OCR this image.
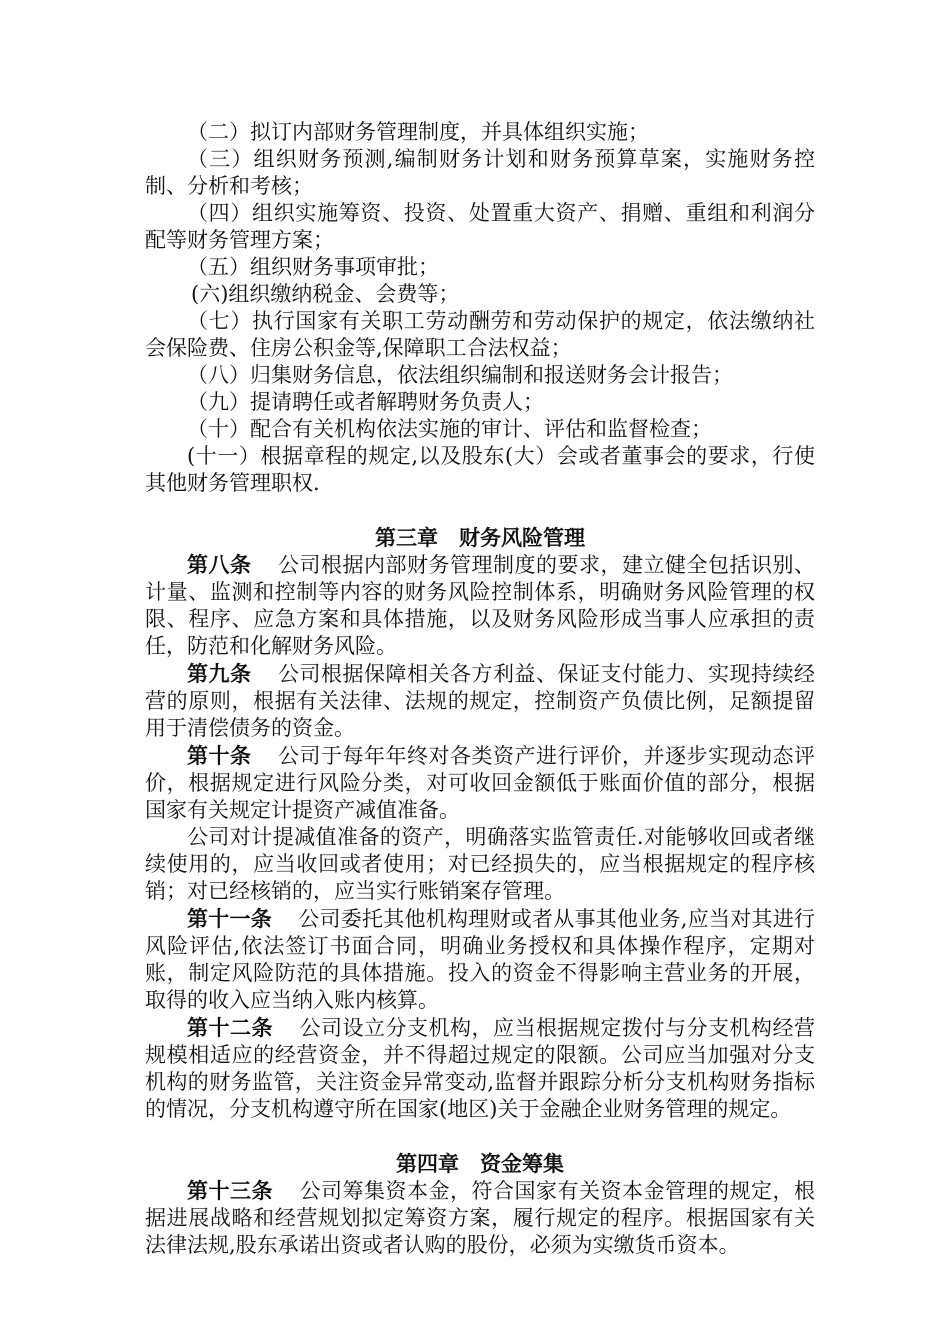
（二）拟订内部财务管理制度，并具体组织实施；

（三）组织财务预测,编制财务计划和财务预算草案，实施财务控制、分析和考核；

（四）组织实施筹资、投资、处置重大资产、捐赠、重组和利润分配等财务管理方案；

（五）组织财务事项审批；

(六)组织缴纳税金、会费等；

（七）执行国家有关职工劳动酬劳和劳动保护的规定，依法缴纳社会保险费、住房公积金等,保障职工合法权益；

（八）归集财务信息，依法组织编制和报送财务会计报告；

（九）提请聘任或者解聘财务负责人；

（十）配合有关机构依法实施的审计、评估和监督检查；

(十一）根据章程的规定,以及股东(大）会或者董事会的要求，行使其他财务管理职权.

第三章　财务风险管理

第八条 公司根据内部财务管理制度的要求，建立健全包括识别、计量、监测和控制等内容的财务风险控制体系，明确财务风险管理的权限、程序、应急方案和具体措施，以及财务风险形成当事人应承担的责任，防范和化解财务风险。

第九条 公司根据保障相关各方利益、保证支付能力、实现持续经营的原则，根据有关法律、法规的规定，控制资产负债比例，足额提留用于清偿债务的资金。

第十条 公司于每年年终对各类资产进行评价，并逐步实现动态评价，根据规定进行风险分类，对可收回金额低于账面价值的部分，根据国家有关规定计提资产减值准备。

公司对计提减值准备的资产，明确落实监管责任.对能够收回或者继续使用的，应当收回或者使用；对已经损失的，应当根据规定的程序核销；对已经核销的，应当实行账销案存管理。

第十一条 公司委托其他机构理财或者从事其他业务,应当对其进行风险评估,依法签订书面合同，明确业务授权和具体操作程序，定期对账，制定风险防范的具体措施。投入的资金不得影响主营业务的开展，取得的收入应当纳入账内核算。

第十二条 公司设立分支机构，应当根据规定拨付与分支机构经营规模相适应的经营资金，并不得超过规定的限额。公司应当加强对分支机构的财务监管，关注资金异常变动,监督并跟踪分析分支机构财务指标的情况，分支机构遵守所在国家(地区)关于金融企业财务管理的规定。

第四章　资金筹集

第十三条 公司筹集资本金，符合国家有关资本金管理的规定，根据进展战略和经营规划拟定筹资方案，履行规定的程序。根据国家有关法律法规,股东承诺出资或者认购的股份，必须为实缴货币资本。
